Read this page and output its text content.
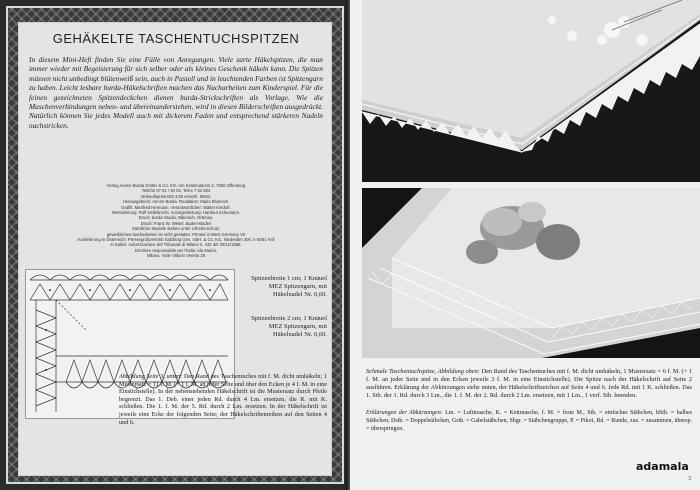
GEHÄKELTE TASCHENTUCHSPITZEN
In diesem Mini-Heft finden Sie eine Fülle von Anregungen. Viele zarte Häkelspitzen, die man immer wieder mit Begeisterung für sich selber oder als kleines Geschenk häkeln kann. Die Spitzen müssen nicht unbedingt blütenweiß sein, auch in Pastell und in leuchtenden Farben ist Spitzengarn zu haben. Leicht lesbare burda-Häkelschriften machen das Nacharbeiten zum Kinderspiel. Für die feinen gezeichneten Spitzendeckchen dienen burda-Strickschriften als Vorlage. Wie die Maschenverbindungen neben- und übereinanderstehen, wird in diesen Bilderschriften ausgedrückt. Natürlich können Sie jedes Modell auch mit dickerem Faden und entsprechend stärkeren Nadeln nachstricken.
Verlag Aenne Burda GmbH & Co. KG, Am Kestendamm 2, 7600 Offenburg
Telefon 07 81 / 84 02, Telex 7 52 804
Verkaufspreis DM 3,50 einschl. MwSt.
Herausgeberin: Aenne Burda. Redaktion: Maria Blumrich.
Grafik: Manfred Hermann. Verantwortlicher: Walter Kindorf.
Werbeleitung: Rolf Hellebrecht. Anzeigenleitung: Hartmut Schumann.
Druck: burda-Studio, Biberach, Ortenau.
Druck: Franz W. Wesel, Baden-Baden
Sämtliche Modelle stehen unter Urheberschutz;
gewerbliches Nacharbeiten ist nicht gestattet. Printed in West Germany VII
Auslieferung in Österreich: Pressegroßvertrieb Salzburg Ges. mbH. & Co. KG, Niederalm 300, A-5081 Anif
In Italien: Autorizzazione del Tribunale di Milano n. 432 del 30/12/1968.
Direttore responsabile per l'Italia: Ida Marini,
Milano, Viale Vittorio Veneto 28
Spitzenbreite 1 cm; 1 Knäuel MEZ Spitzengarn, mit Häkelnadel Nr. 0,60.
Spitzenbreite 2 cm; 1 Knäuel MEZ Spitzengarn, mit Häkelnadel Nr. 0,60.
Abbildung Seite 3, unten: Den Rand des Taschentuches mit f. M. dicht umhäkeln; 1 Mustersatz = 11 f. M. (+ 1 f. M. an jeder Seite und über den Ecken je 4 f. M. in eine Einstichstelle). In der nebenstehenden Häkelschrift ist die Mustersatz durch Pfeile begrenzt. Das 1. Deb. einer jeden Rd. durch 4 Lm. ersetzen, die R. mit K. schließen. Die 1. f. M. der 5. Rd. durch 2 Lm. ersetzen. In der Häkelschrift ist jeweils eine Ecke der folgenden Seite; der Häkelschriftenreihen auf den Seiten 4 und 6.
Schmale Taschentuchspitze, Abbildung oben: Den Rand des Taschentuches mit f. M. dicht umhäkeln, 1 Mustersatz = 6 f. M. (+ 1 f. M. an jeder Seite und in den Ecken jeweils 3 f. M. in eine Einstichstelle). Die Spitze nach der Häkelschrift auf Seite 2 ausführen. Erklärung der Abkürzungen siehe unten, der Häkelschriftzeichen auf Seite 4 und 6. Jede Rd. mit 1 K. schließen. Das 1. Stb. der 1. Rd. durch 3 Lm., die 1. f. M. der 2. Rd. durch 2 Lm. ersetzen, mit 1 Lm., 1 verf. Stb. beenden.
Erklärungen der Abkürzungen: Lm. = Luftmasche, K. = Kettmasche, f. M. = feste M., Stb. = einfaches Stäbchen, hStb. = halbes Stäbchen, Dstb. = Doppelstäbchen, Gstb. = Gabelstäbchen, Sbgr. = Stäbchengruppe, P. = Pikot, Rd. = Runde, zus. = zusammen, übersp. = überspringen.
adamala
3
